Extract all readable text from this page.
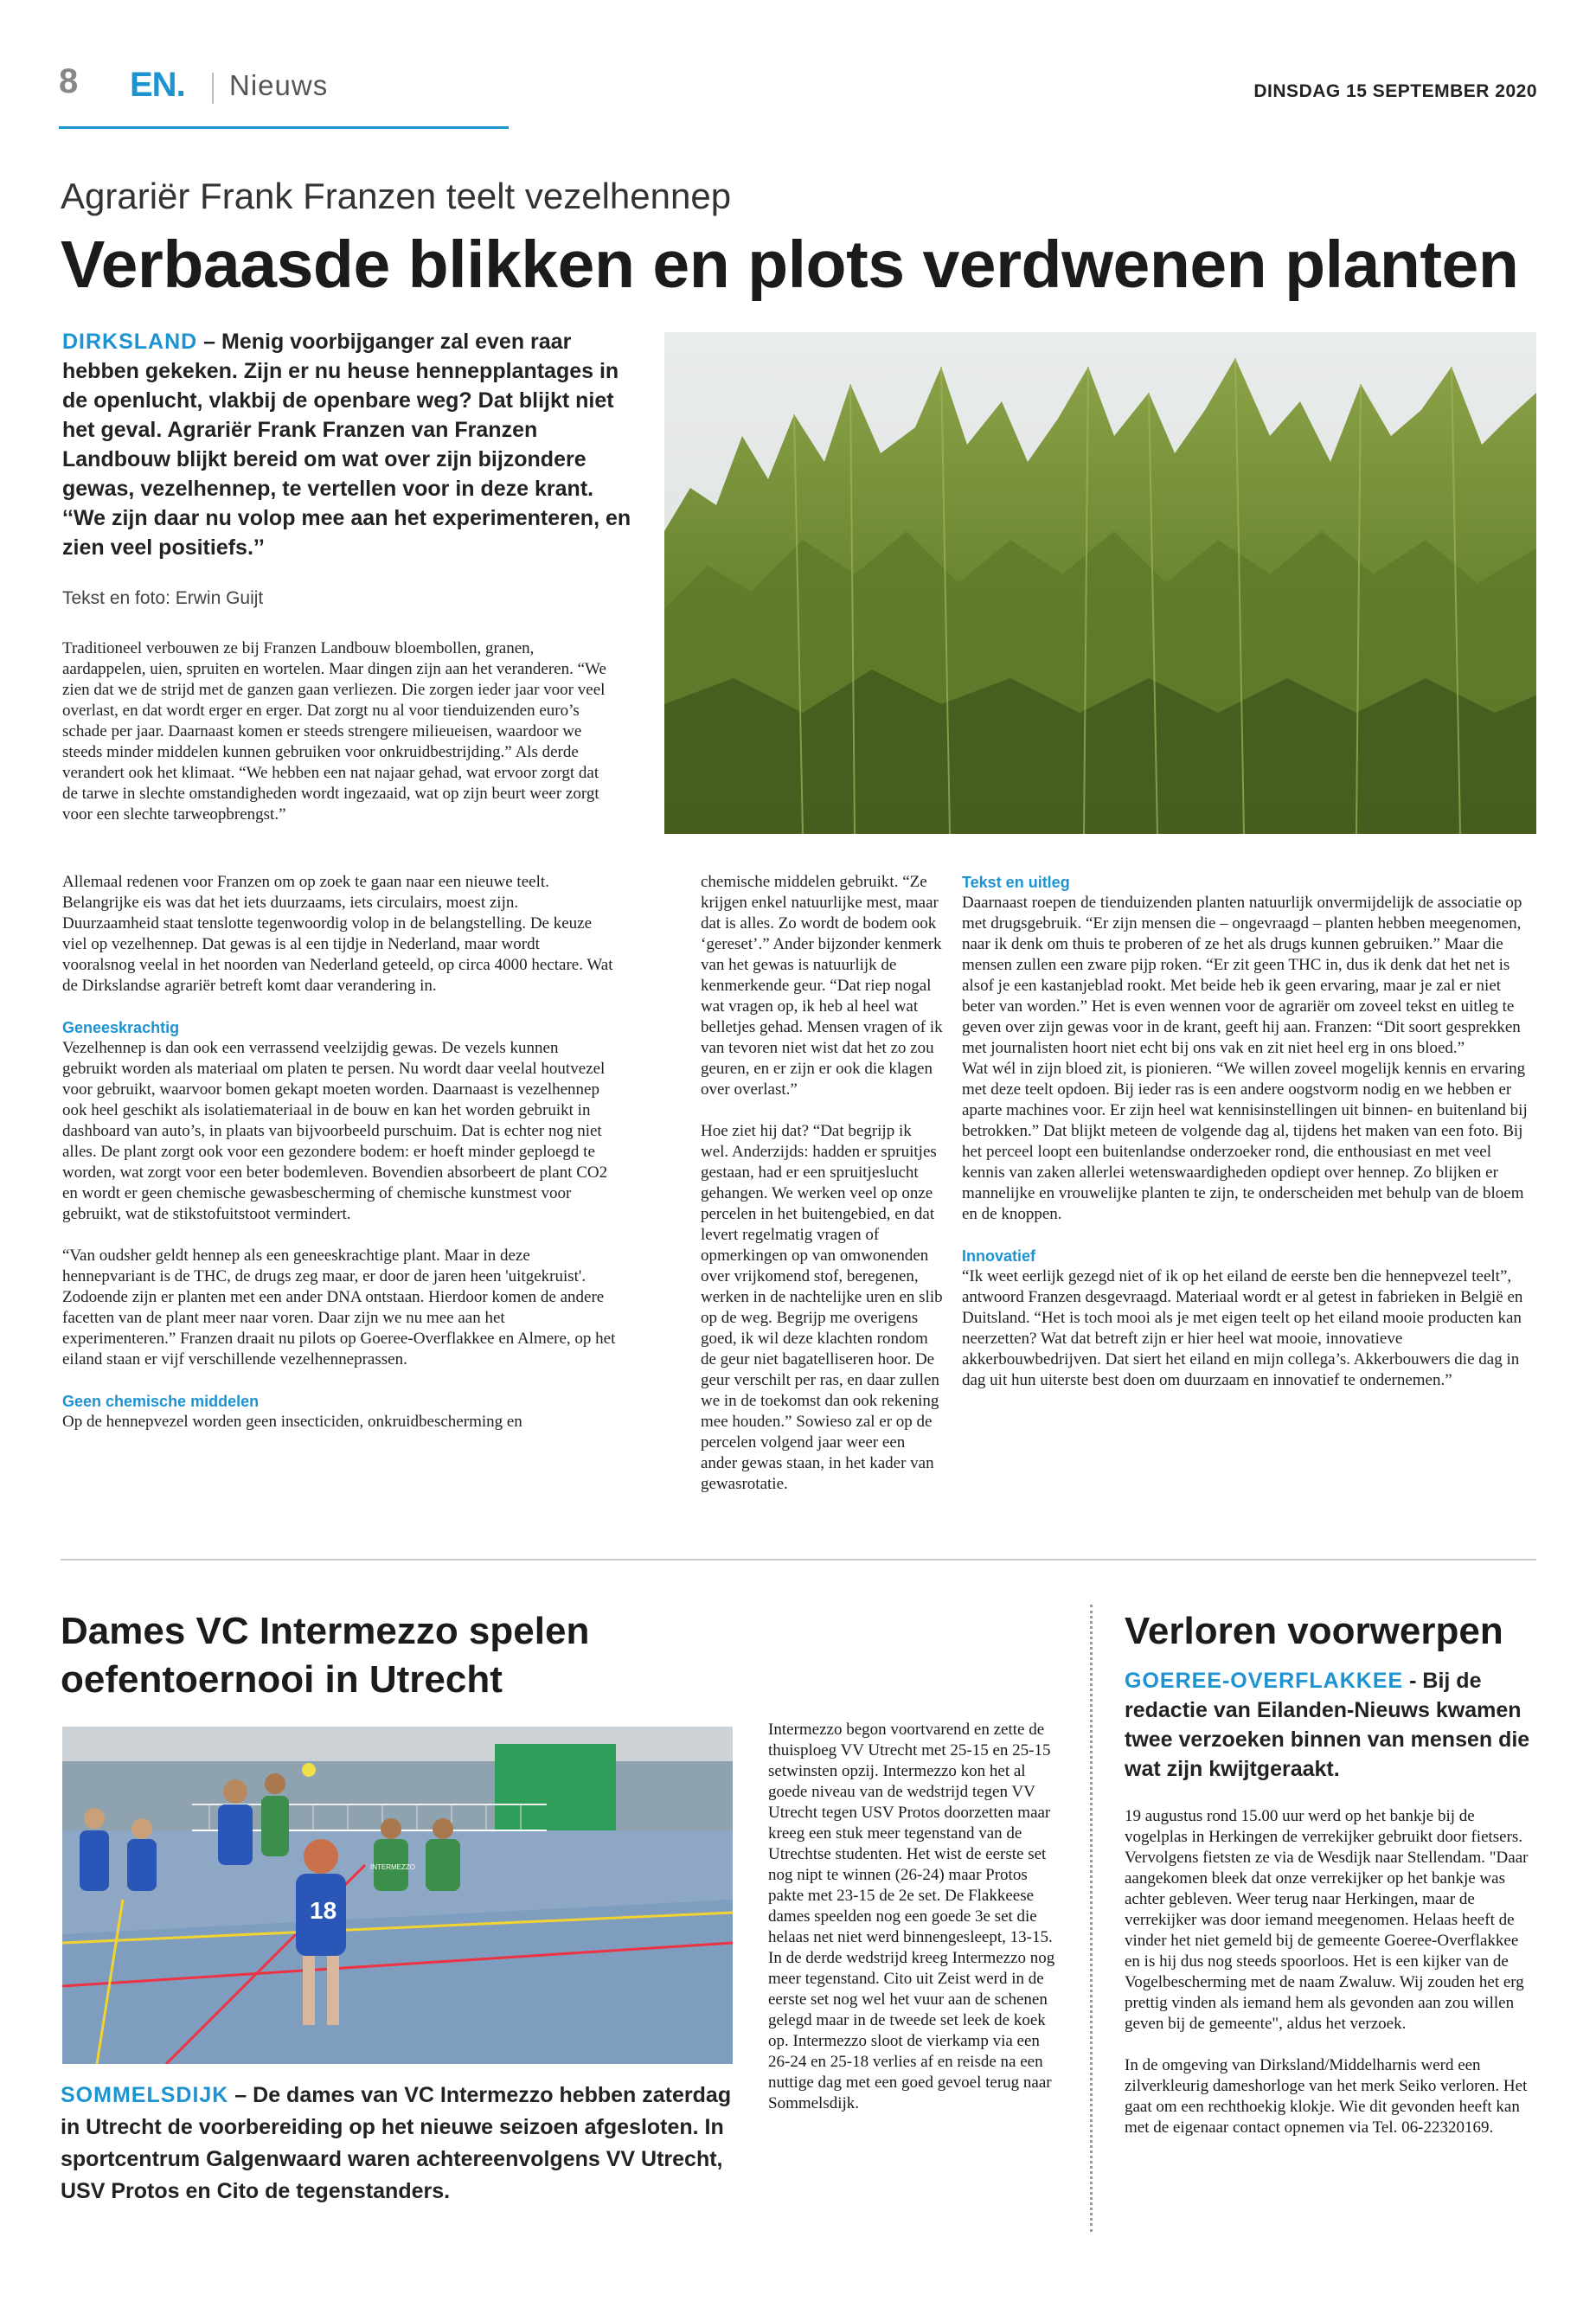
8 EN. Nieuws	DINSDAG 15 SEPTEMBER 2020
Agrariër Frank Franzen teelt vezelhennep
Verbaasde blikken en plots verdwenen planten
DIRKSLAND – Menig voorbijganger zal even raar hebben gekeken. Zijn er nu heuse hennepplantages in de openlucht, vlakbij de openbare weg? Dat blijkt niet het geval. Agrariër Frank Franzen van Franzen Landbouw blijkt bereid om wat over zijn bijzondere gewas, vezelhennep, te vertellen voor in deze krant. ‘‘We zijn daar nu volop mee aan het experimenteren, en zien veel positiefs.’’
Tekst en foto: Erwin Guijt

Traditioneel verbouwen ze bij Franzen Landbouw bloembollen, granen, aardappelen, uien, spruiten en wortelen. Maar dingen zijn aan het veranderen. “We zien dat we de strijd met de ganzen gaan verliezen. Die zorgen ieder jaar voor veel overlast, en dat wordt erger en erger. Dat zorgt nu al voor tienduizenden euro’s schade per jaar. Daarnaast komen er steeds strengere milieueisen, waardoor we steeds minder middelen kunnen gebruiken voor onkruidbestrijding.” Als derde verandert ook het klimaat. “We hebben een nat najaar gehad, wat ervoor zorgt dat de tarwe in slechte omstandigheden wordt ingezaaid, wat op zijn beurt weer zorgt voor een slechte tarweopbrengst.”

Allemaal redenen voor Franzen om op zoek te gaan naar een nieuwe teelt. Belangrijke eis was dat het iets duurzaams, iets circulairs, moest zijn. Duurzaamheid staat tenslotte tegenwoordig volop in de belangstelling. De keuze viel op vezelhennep. Dat gewas is al een tijdje in Nederland, maar wordt vooralsnog veelal in het noorden van Nederland geteeld, op circa 4000 hectare. Wat de Dirkslandse agrariër betreft komt daar verandering in.

Geneeskrachtig

Vezelhennep is dan ook een verrassend veelzijdig gewas. De vezels kunnen gebruikt worden als materiaal om platen te persen. Nu wordt daar veelal houtvezel voor gebruikt, waarvoor bomen gekapt moeten worden. Daarnaast is vezelhennep ook heel geschikt als isolatiemateriaal in de bouw en kan het worden gebruikt in dashboard van auto’s, in plaats van bijvoorbeeld purschuim. Dat is echter nog niet alles. De plant zorgt ook voor een gezondere bodem: er hoeft minder geploegd te worden, wat zorgt voor een beter bodemleven. Bovendien absorbeert de plant CO2 en wordt er geen chemische gewasbescherming of chemische kunstmest voor gebruikt, wat de stikstofuitstoot vermindert.

“Van oudsher geldt hennep als een geneeskrachtige plant. Maar in deze hennepvariant is de THC, de drugs zeg maar, er door de jaren heen 'uitgekruist'. Zodoende zijn er planten met een ander DNA ontstaan. Hierdoor komen de andere facetten van de plant meer naar voren. Daar zijn we nu mee aan het experimenteren.” Franzen draait nu pilots op Goeree-Overflakkee en Almere, op het eiland staan er vijf verschillende vezelhenneprassen.

Geen chemische middelen

Op de hennepvezel worden geen insecticiden, onkruidbescherming en

chemische middelen gebruikt. “Ze krijgen enkel natuurlijke mest, maar dat is alles. Zo wordt de bodem ook ‘gereset’.” Ander bijzonder kenmerk van het gewas is natuurlijk de kenmerkende geur. “Dat riep nogal wat vragen op, ik heb al heel wat belletjes gehad. Mensen vragen of ik van tevoren niet wist dat het zo zou geuren, en er zijn er ook die klagen over overlast.”

Hoe ziet hij dat? “Dat begrijp ik wel. Anderzijds: hadden er spruitjes gestaan, had er een spruitjeslucht gehangen. We werken veel op onze percelen in het buitengebied, en dat levert regelmatig vragen of opmerkingen op van omwonenden over vrijkomend stof, beregenen, werken in de nachtelijke uren en slib op de weg. Begrijp me overigens goed, ik wil deze klachten rondom de geur niet bagatelliseren hoor. De geur verschilt per ras, en daar zullen we in de toekomst dan ook rekening mee houden.” Sowieso zal er op de percelen volgend jaar weer een ander gewas staan, in het kader van gewasrotatie.

Tekst en uitleg

Daarnaast roepen de tienduizenden planten natuurlijk onvermijdelijk de associatie op met drugsgebruik. “Er zijn mensen die – ongevraagd – planten hebben meegenomen, naar ik denk om thuis te proberen of ze het als drugs kunnen gebruiken.” Maar die mensen zullen een zware pijp roken. “Er zit geen THC in, dus ik denk dat het net is alsof je een kastanjeblad rookt. Met beide heb ik geen ervaring, maar je zal er niet beter van worden.” Het is even wennen voor de agrariër om zoveel tekst en uitleg te geven over zijn gewas voor in de krant, geeft hij aan. Franzen: “Dit soort gesprekken met journalisten hoort niet echt bij ons vak en zit niet heel erg in ons bloed.”

Wat wél in zijn bloed zit, is pionieren. “We willen zoveel mogelijk kennis en ervaring met deze teelt opdoen. Bij ieder ras is een andere oogstvorm nodig en we hebben er aparte machines voor. Er zijn heel wat kennisinstellingen uit binnen- en buitenland bij betrokken.” Dat blijkt meteen de volgende dag al, tijdens het maken van een foto. Bij het perceel loopt een buitenlandse onderzoeker rond, die enthousiast en met veel kennis van zaken allerlei wetenswaardigheden opdiept over hennep. Zo blijken er mannelijke en vrouwelijke planten te zijn, te onderscheiden met behulp van de bloem en de knoppen.

Innovatief

“Ik weet eerlijk gezegd niet of ik op het eiland de eerste ben die hennepvezel teelt”, antwoord Franzen desgevraagd. Materiaal wordt er al getest in fabrieken in België en Duitsland. “Het is toch mooi als je met eigen teelt op het eiland mooie producten kan neerzetten? Wat dat betreft zijn er hier heel wat mooie, innovatieve akkerbouwbedrijven. Dat siert het eiland en mijn collega’s. Akkerbouwers die dag in dag uit hun uiterste best doen om duurzaam en innovatief te ondernemen.”

Dames VC Intermezzo spelen
oefentoernooi in Utrecht
18
INTERMEZZO
SOMMELSDIJK – De dames van VC Intermezzo hebben zaterdag in Utrecht de voorbereiding op het nieuwe seizoen afgesloten. In sportcentrum Galgenwaard waren achtereenvolgens VV Utrecht, USV Protos en Cito de tegenstanders.
Intermezzo begon voortvarend en zette de thuisploeg VV Utrecht met 25-15 en 25-15 setwinsten opzij. Intermezzo kon het al goede niveau van de wedstrijd tegen VV Utrecht tegen USV Protos doorzetten maar kreeg een stuk meer tegenstand van de Utrechtse studenten. Het wist de eerste set nog nipt te winnen (26-24) maar Protos pakte met 23-15 de 2e set. De Flakkeese dames speelden nog een goede 3e set die helaas net niet werd binnengesleept, 13-15. In de derde wedstrijd kreeg Intermezzo nog meer tegenstand. Cito uit Zeist werd in de eerste set nog wel het vuur aan de schenen gelegd maar in de tweede set leek de koek op. Intermezzo sloot de vierkamp via een 26-24 en 25-18 verlies af en reisde na een nuttige dag met een goed gevoel terug naar Sommelsdijk.
Verloren voorwerpen
GOEREE-OVERFLAKKEE - Bij de redactie van Eilanden-Nieuws kwamen twee verzoeken binnen van mensen die wat zijn kwijtgeraakt.

19 augustus rond 15.00 uur werd op het bankje bij de vogelplas in Herkingen de verrekijker gebruikt door fietsers. Vervolgens fietsten ze via de Wesdijk naar Stellendam. "Daar aangekomen bleek dat onze verrekijker op het bankje was achter gebleven. Weer terug naar Herkingen, maar de verrekijker was door iemand meegenomen. Helaas heeft de vinder het niet gemeld bij de gemeente Goeree-Overflakkee en is hij dus nog steeds spoorloos. Het is een kijker van de Vogelbescherming met de naam Zwaluw. Wij zouden het erg prettig vinden als iemand hem als gevonden aan zou willen geven bij de gemeente", aldus het verzoek.

In de omgeving van Dirksland/Middelharnis werd een zilverkleurig dameshorloge van het merk Seiko verloren. Het gaat om een rechthoekig klokje. Wie dit gevonden heeft kan met de eigenaar contact opnemen via Tel. 06-22320169.
